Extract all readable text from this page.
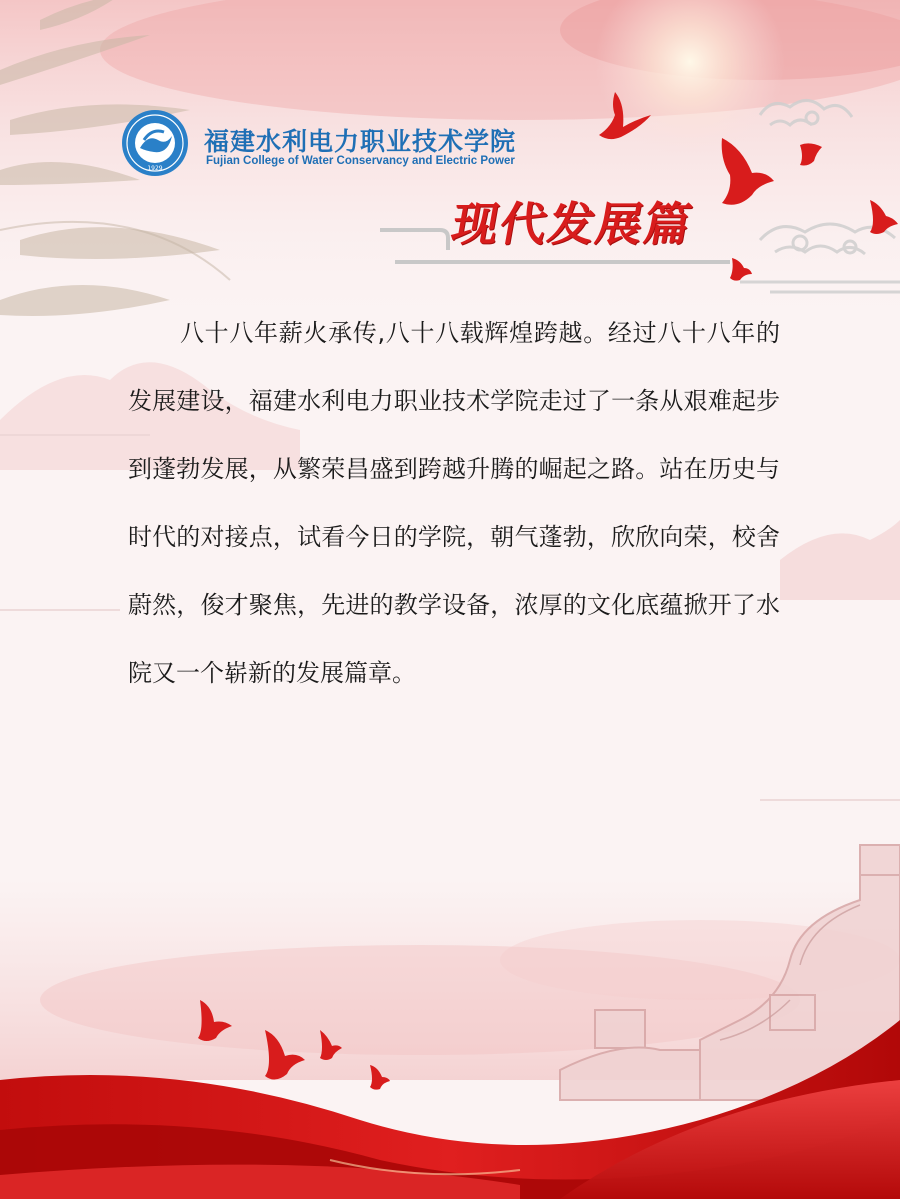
1929
福建水利电力职业技术学院
Fujian College of Water Conservancy and Electric Power
现代发展篇

八十八年薪火承传,八十八载辉煌跨越。经过八十八年的发展建设，福建水利电力职业技术学院走过了一条从艰难起步到蓬勃发展，从繁荣昌盛到跨越升腾的崛起之路。站在历史与时代的对接点，试看今日的学院，朝气蓬勃，欣欣向荣，校舍蔚然，俊才聚焦，先进的教学设备，浓厚的文化底蕴掀开了水院又一个崭新的发展篇章。
